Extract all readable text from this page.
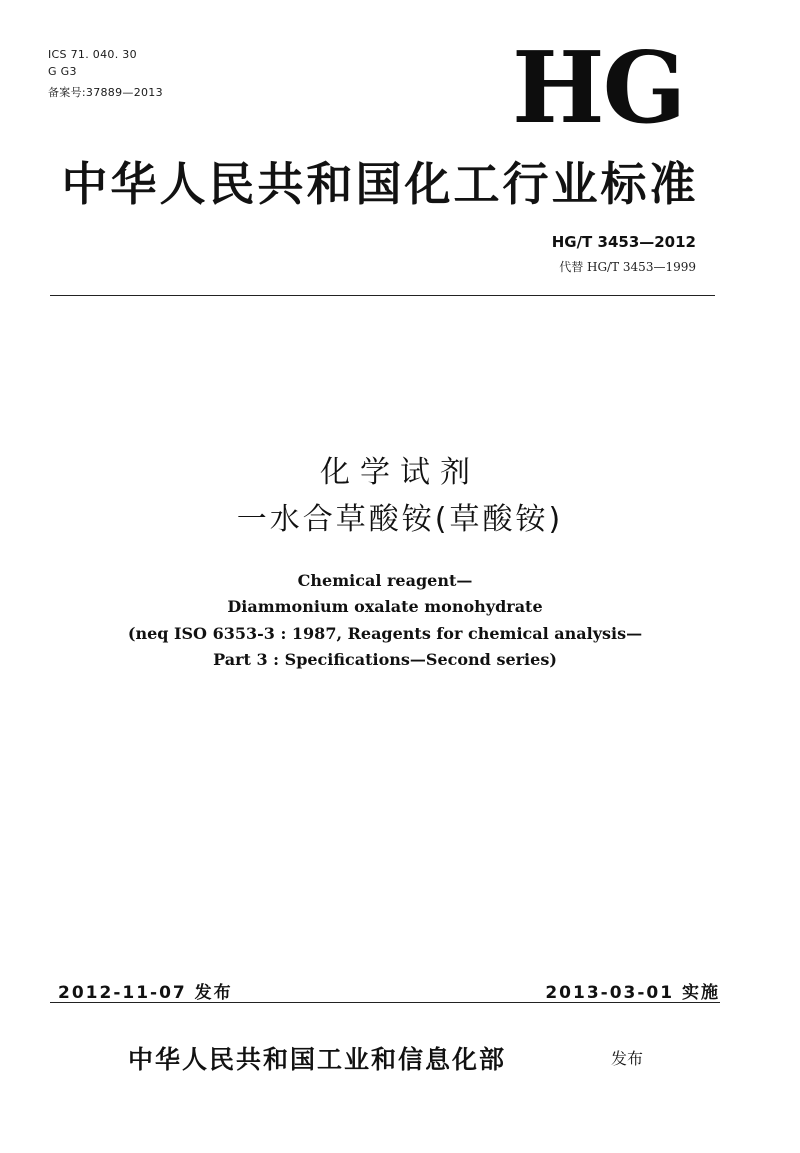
ICS 71. 040. 30
G G3
备案号:37889—2013	HG
中华人民共和国化工行业标准
HG/T 3453—2012
代替 HG/T 3453—1999
化学试剂
一水合草酸铵(草酸铵)
Chemical reagent—
Diammonium oxalate monohydrate
(neq ISO 6353-3 : 1987, Reagents for chemical analysis—
Part 3 : Specifications—Second series)
2012-11-07 发布	2013-03-01 实施
中华人民共和国工业和信息化部	发布
